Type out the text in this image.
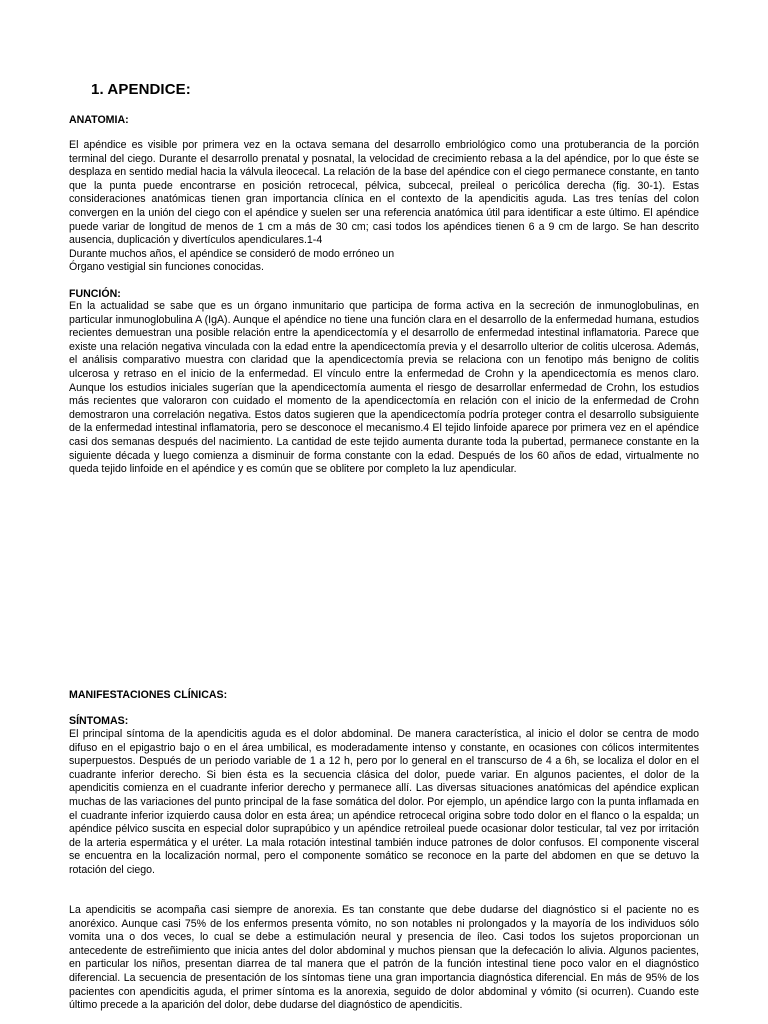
1. APENDICE:
ANATOMIA:

El apéndice es visible por primera vez en la octava semana del desarrollo embriológico como una protuberancia de la porción terminal del ciego. Durante el desarrollo prenatal y posnatal, la velocidad de crecimiento rebasa a la del apéndice, por lo que éste se desplaza en sentido medial hacia la válvula ileocecal. La relación de la base del apéndice con el ciego permanece constante, en tanto que la punta puede encontrarse en posición retrocecal, pélvica, subcecal, preileal o pericólica derecha (fig. 30-1). Estas consideraciones anatómicas tienen gran importancia clínica en el contexto de la apendicitis aguda. Las tres tenías del colon convergen en la unión del ciego con el apéndice y suelen ser una referencia anatómica útil para identificar a este último. El apéndice puede variar de longitud de menos de 1 cm a más de 30 cm; casi todos los apéndices tienen 6 a 9 cm de largo. Se han descrito ausencia, duplicación y divertículos apendiculares.1-4
Durante muchos años, el apéndice se consideró de modo erróneo un
Órgano vestigial sin funciones conocidas.

FUNCIÓN:

En la actualidad se sabe que es un órgano inmunitario que participa de forma activa en la secreción de inmunoglobulinas, en particular inmunoglobulina A (IgA). Aunque el apéndice no tiene una función clara en el desarrollo de la enfermedad humana, estudios recientes demuestran una posible relación entre la apendicectomía y el desarrollo de enfermedad intestinal inflamatoria. Parece que existe una relación negativa vinculada con la edad entre la apendicectomía previa y el desarrollo ulterior de colitis ulcerosa. Además, el análisis comparativo muestra con claridad que la apendicectomía previa se relaciona con un fenotipo más benigno de colitis ulcerosa y retraso en el inicio de la enfermedad. El vínculo entre la enfermedad de Crohn y la apendicectomía es menos claro. Aunque los estudios iniciales sugerían que la apendicectomía aumenta el riesgo de desarrollar enfermedad de Crohn, los estudios más recientes que valoraron con cuidado el momento de la apendicectomía en relación con el inicio de la enfermedad de Crohn demostraron una correlación negativa. Estos datos sugieren que la apendicectomía podría proteger contra el desarrollo subsiguiente de la enfermedad intestinal inflamatoria, pero se desconoce el mecanismo.4 El tejido linfoide aparece por primera vez en el apéndice casi dos semanas después del nacimiento. La cantidad de este tejido aumenta durante toda la pubertad, permanece constante en la siguiente década y luego comienza a disminuir de forma constante con la edad. Después de los 60 años de edad, virtualmente no queda tejido linfoide en el apéndice y es común que se oblitere por completo la luz apendicular.

MANIFESTACIONES CLÍNICAS:
SÍNTOMAS:

El principal síntoma de la apendicitis aguda es el dolor abdominal. De manera característica, al inicio el dolor se centra de modo difuso en el epigastrio bajo o en el área umbilical, es moderadamente intenso y constante, en ocasiones con cólicos intermitentes superpuestos. Después de un periodo variable de 1 a 12 h, pero por lo general en el transcurso de 4 a 6h, se localiza el dolor en el cuadrante inferior derecho. Si bien ésta es la secuencia clásica del dolor, puede variar. En algunos pacientes, el dolor de la apendicitis comienza en el cuadrante inferior derecho y permanece allí. Las diversas situaciones anatómicas del apéndice explican muchas de las variaciones del punto principal de la fase somática del dolor. Por ejemplo, un apéndice largo con la punta inflamada en el cuadrante inferior izquierdo causa dolor en esta área; un apéndice retrocecal origina sobre todo dolor en el flanco o la espalda; un apéndice pélvico suscita en especial dolor suprapúbico y un apéndice retroileal puede ocasionar dolor testicular, tal vez por irritación de la arteria espermática y el uréter. La mala rotación intestinal también induce patrones de dolor confusos. El componente visceral se encuentra en la localización normal, pero el componente somático se reconoce en la parte del abdomen en que se detuvo la rotación del ciego.

La apendicitis se acompaña casi siempre de anorexia. Es tan constante que debe dudarse del diagnóstico si el paciente no es anoréxico. Aunque casi 75% de los enfermos presenta vómito, no son notables ni prolongados y la mayoría de los individuos sólo vomita una o dos veces, lo cual se debe a estimulación neural y presencia de íleo. Casi todos los sujetos proporcionan un antecedente de estreñimiento que inicia antes del dolor abdominal y muchos piensan que la defecación lo alivia. Algunos pacientes, en particular los niños, presentan diarrea de tal manera que el patrón de la función intestinal tiene poco valor en el diagnóstico diferencial. La secuencia de presentación de los síntomas tiene una gran importancia diagnóstica diferencial. En más de 95% de los pacientes con apendicitis aguda, el primer síntoma es la anorexia, seguido de dolor abdominal y vómito (si ocurren). Cuando este último precede a la aparición del dolor, debe dudarse del diagnóstico de apendicitis.
